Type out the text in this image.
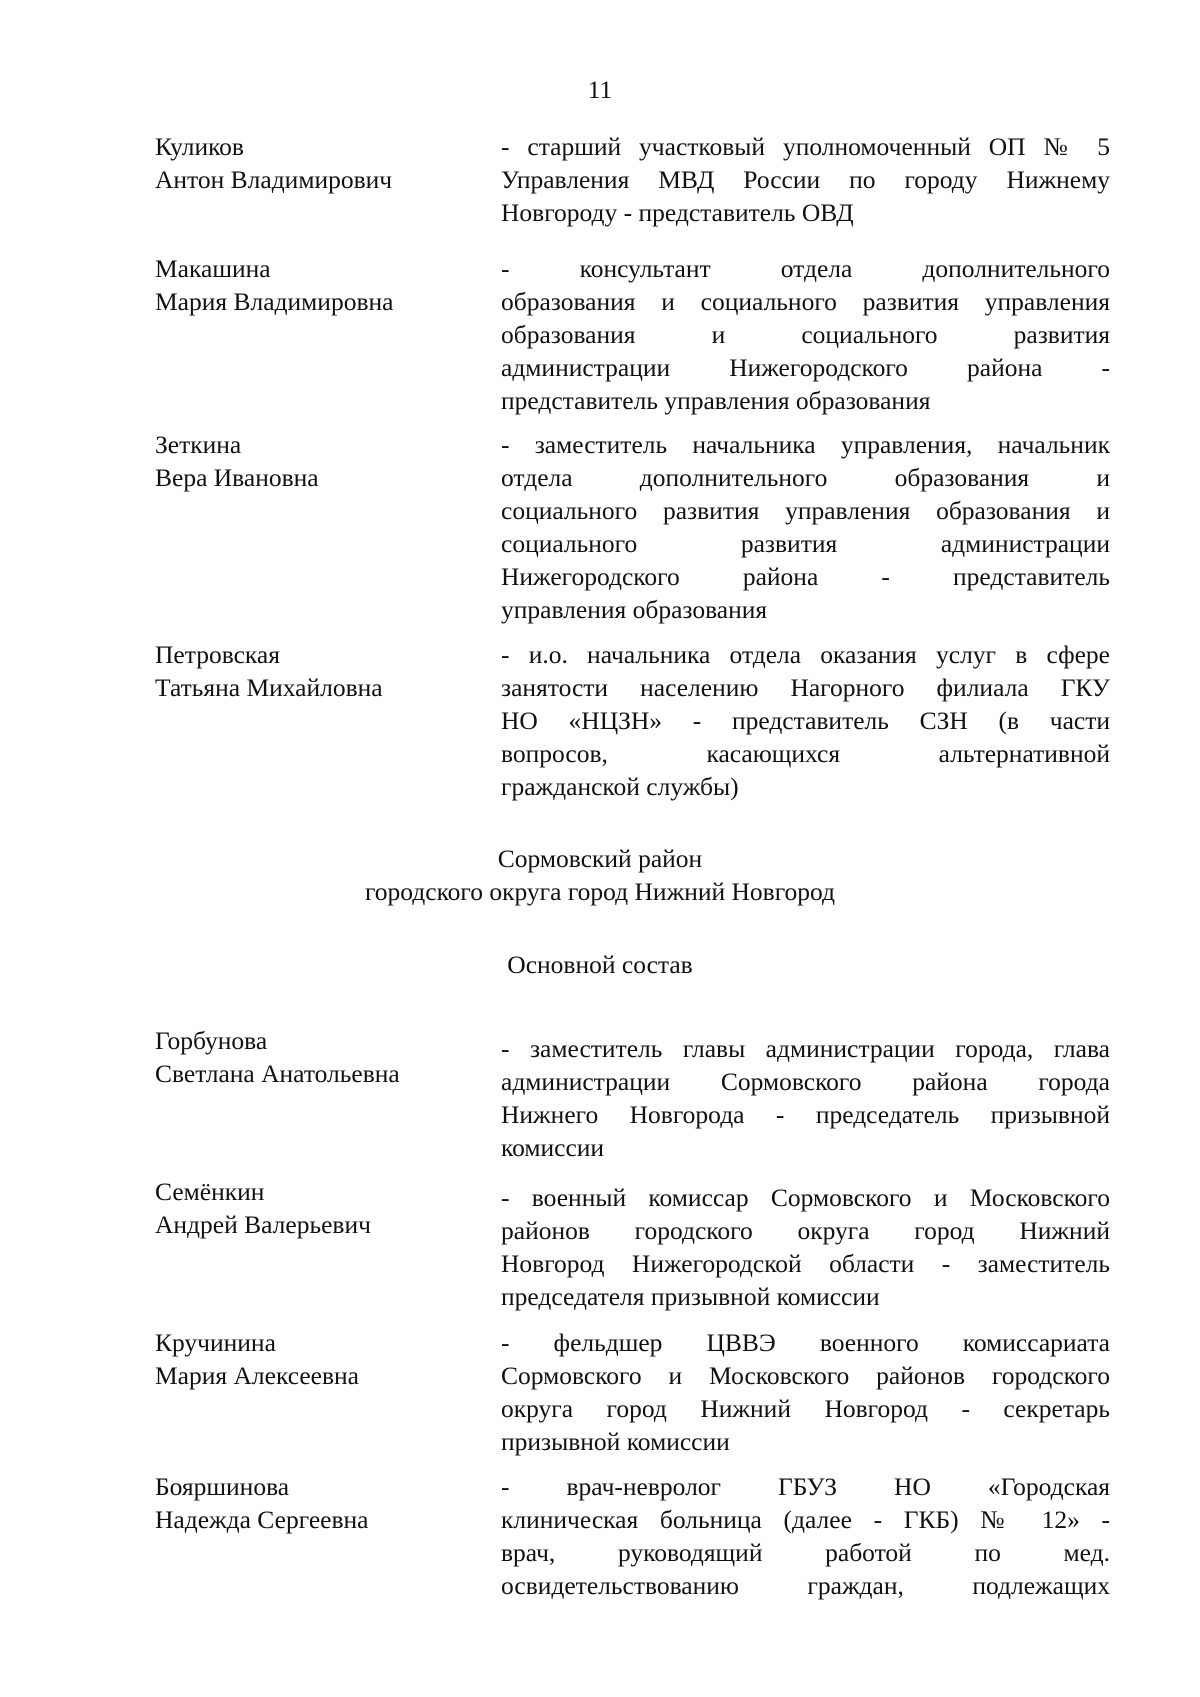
11
Куликов
Антон Владимирович
- старший участковый уполномоченный ОП № 5
Управления МВД России по городу Нижнему
Новгороду - представитель ОВД
Макашина
Мария Владимировна
- консультант отдела дополнительного
образования и социального развития управления
образования и социального развития
администрации Нижегородского района -
представитель управления образования
Зеткина
Вера Ивановна
- заместитель начальника управления, начальник
отдела дополнительного образования и
социального развития управления образования и
социального развития администрации
Нижегородского района - представитель
управления образования
Петровская
Татьяна Михайловна
- и.о. начальника отдела оказания услуг в сфере
занятости населению Нагорного филиала ГКУ
НО «НЦЗН» - представитель СЗН (в части
вопросов, касающихся альтернативной
гражданской службы)
Сормовский район
городского округа город Нижний Новгород
Основной состав
Горбунова
Светлана Анатольевна
- заместитель главы администрации города, глава
администрации Сормовского района города
Нижнего Новгорода - председатель призывной
комиссии
Семёнкин
Андрей Валерьевич
- военный комиссар Сормовского и Московского
районов городского округа город Нижний
Новгород Нижегородской области - заместитель
председателя призывной комиссии
Кручинина
Мария Алексеевна
- фельдшер ЦВВЭ военного комиссариата
Сормовского и Московского районов городского
округа город Нижний Новгород - секретарь
призывной комиссии
Бояршинова
Надежда Сергеевна
- врач-невролог ГБУЗ НО «Городская
клиническая больница (далее - ГКБ) № 12» -
врач, руководящий работой по мед.
освидетельствованию граждан, подлежащих
